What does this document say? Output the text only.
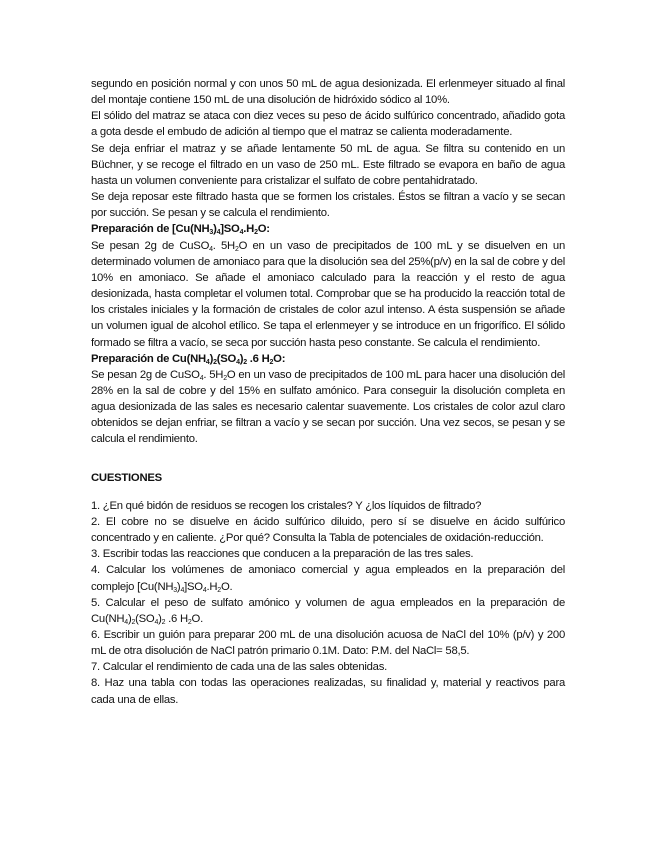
segundo en posición normal y con unos 50 mL de agua desionizada. El erlenmeyer situado al final del montaje contiene 150 mL de una disolución de hidróxido sódico al 10%.

El sólido del matraz se ataca con diez veces su peso de ácido sulfúrico concentrado, añadido gota a gota desde el embudo de adición al tiempo que el matraz se calienta moderadamente.

Se deja enfriar el matraz y se añade lentamente 50 mL de agua. Se filtra su contenido en un Büchner, y se recoge el filtrado en un vaso de 250 mL. Este filtrado se evapora en baño de agua hasta un volumen conveniente para cristalizar el sulfato de cobre pentahidratado.

Se deja reposar este filtrado hasta que se formen los cristales. Éstos se filtran a vacío y se secan por succión. Se pesan y se calcula el rendimiento.

Preparación de $[Cu(NH_3)_4]SO_4.H_2O$:

Se pesan 2g de CuSO$_4$. $5H_2O$ en un vaso de precipitados de 100 mL y se disuelven en un determinado volumen de amoniaco para que la disolución sea del 25%(p/v) en la sal de cobre y del 10% en amoniaco. Se añade el amoniaco calculado para la reacción y el resto de agua desionizada, hasta completar el volumen total. Comprobar que se ha producido la reacción total de los cristales iniciales y la formación de cristales de color azul intenso. A ésta suspensión se añade un volumen igual de alcohol etílico. Se tapa el erlenmeyer y se introduce en un frigorífico. El sólido formado se filtra a vacío, se seca por succión hasta peso constante. Se calcula el rendimiento.

Preparación de $Cu(NH_4)_2(SO_4)_2$ .6 $H_2O$:

Se pesan 2g de CuSO$_4$. $5H_2O$ en un vaso de precipitados de 100 mL para hacer una disolución del 28% en la sal de cobre y del 15% en sulfato amónico. Para conseguir la disolución completa en agua desionizada de las sales es necesario calentar suavemente. Los cristales de color azul claro obtenidos se dejan enfriar, se filtran a vacío y se secan por succión. Una vez secos, se pesan y se calcula el rendimiento.

CUESTIONES

1. ¿En qué bidón de residuos se recogen los cristales? Y ¿los líquidos de filtrado?

2. El cobre no se disuelve en ácido sulfúrico diluido, pero sí se disuelve en ácido sulfúrico concentrado y en caliente. ¿Por qué? Consulta la Tabla de potenciales de oxidación-reducción.

3. Escribir todas las reacciones que conducen a la preparación de las tres sales.

4. Calcular los volúmenes de amoniaco comercial y agua empleados en la preparación del complejo $[Cu(NH_3)_4]SO_4.H_2O$.

5. Calcular el peso de sulfato amónico y volumen de agua empleados en la preparación de $Cu(NH_4)_2(SO_4)_2$ .6 $H_2O$.

6. Escribir un guión para preparar 200 mL de una disolución acuosa de NaCl del 10% (p/v) y 200 mL de otra disolución de NaCl patrón primario 0.1M. Dato: P.M. del NaCl= 58,5.

7. Calcular el rendimiento de cada una de las sales obtenidas.

8. Haz una tabla con todas las operaciones realizadas, su finalidad y, material y reactivos para cada una de ellas.
